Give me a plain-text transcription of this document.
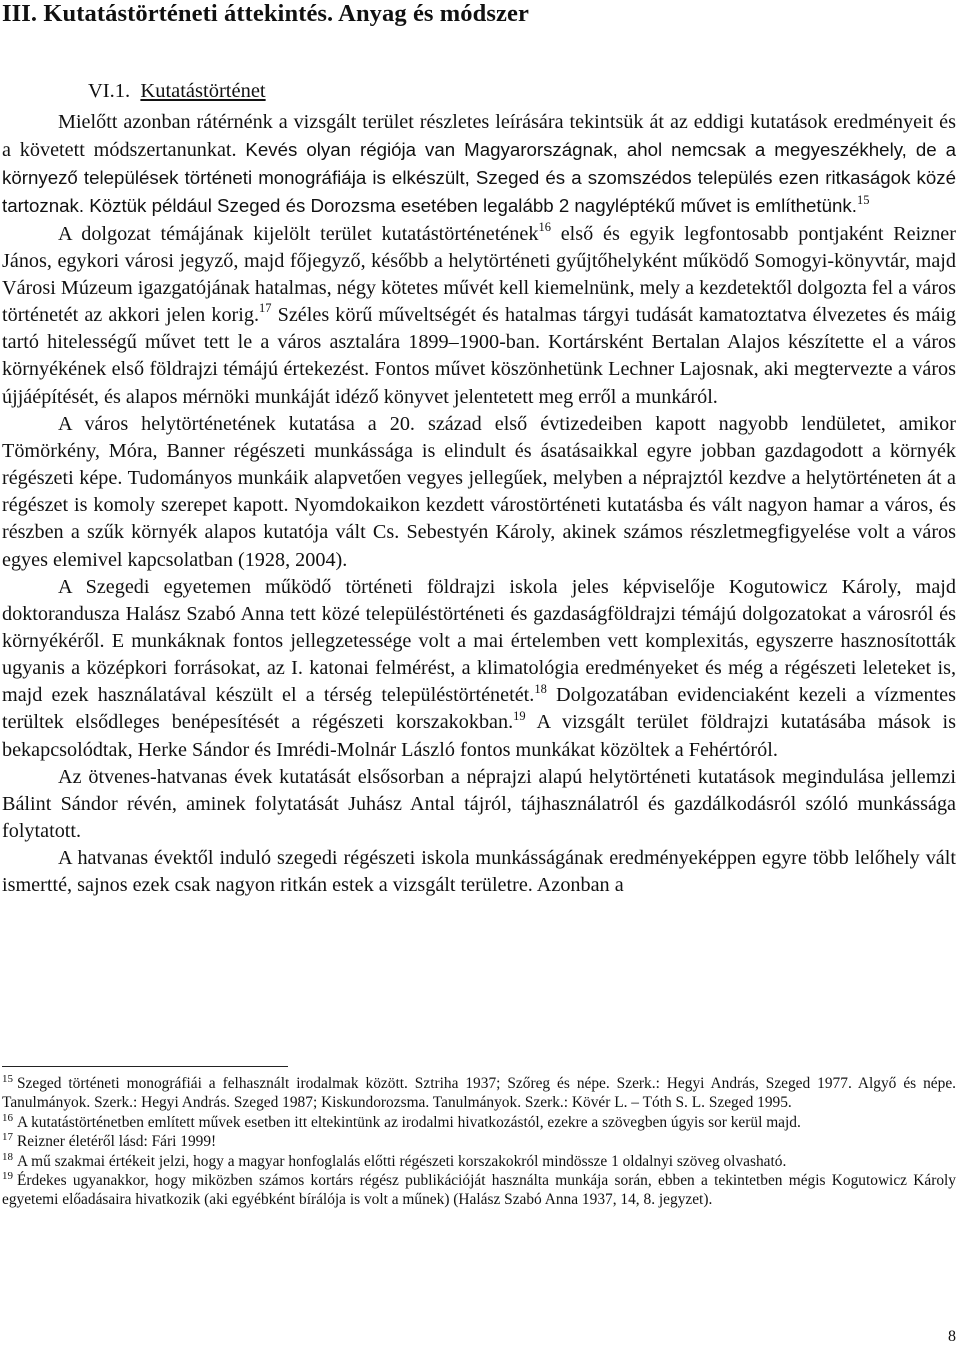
III. Kutatástörténeti áttekintés. Anyag és módszer
VI.1. Kutatástörténet

Mielőtt azonban rátérnénk a vizsgált terület részletes leírására tekintsük át az eddigi kutatások eredményeit és a követett módszertanunkat. Kevés olyan régiója van Magyarországnak, ahol nemcsak a megyeszékhely, de a környező települések történeti monográfiája is elkészült, Szeged és a szomszédos település ezen ritkaságok közé tartoznak. Köztük például Szeged és Dorozsma esetében legalább 2 nagyléptékű művet is említhetünk.$^{15}$

A dolgozat témájának kijelölt terület kutatástörténetének$^{16}$ első és egyik legfontosabb pontjaként Reizner János, egykori városi jegyző, majd főjegyző, később a helytörténeti gyűjtőhelyként működő Somogyi-könyvtár, majd Városi Múzeum igazgatójának hatalmas, négy kötetes művét kell kiemelnünk, mely a kezdetektől dolgozta fel a város történetét az akkori jelen korig.$^{17}$ Széles körű műveltségét és hatalmas tárgyi tudását kamatoztatva élvezetes és máig tartó hitelességű művet tett le a város asztalára 1899–1900-ban. Kortársként Bertalan Alajos készítette el a város környékének első földrajzi témájú értekezést. Fontos művet köszönhetünk Lechner Lajosnak, aki megtervezte a város újjáépítését, és alapos mérnöki munkáját idéző könyvet jelentetett meg erről a munkáról.

A város helytörténetének kutatása a 20. század első évtizedeiben kapott nagyobb lendületet, amikor Tömörkény, Móra, Banner régészeti munkássága is elindult és ásatásaikkal egyre jobban gazdagodott a környék régészeti képe. Tudományos munkáik alapvetően vegyes jellegűek, melyben a néprajztól kezdve a helytörténeten át a régészet is komoly szerepet kapott. Nyomdokaikon kezdett várostörténeti kutatásba és vált nagyon hamar a város, és részben a szűk környék alapos kutatója vált Cs. Sebestyén Károly, akinek számos részletmegfigyelése volt a város egyes elemivel kapcsolatban (1928, 2004).

A Szegedi egyetemen működő történeti földrajzi iskola jeles képviselője Kogutowicz Károly, majd doktorandusza Halász Szabó Anna tett közé településtörténeti és gazdaságföldrajzi témájú dolgozatokat a városról és környékéről. E munkáknak fontos jellegzetessége volt a mai értelemben vett komplexitás, egyszerre hasznosították ugyanis a középkori forrásokat, az I. katonai felmérést, a klimatológia eredményeket és még a régészeti leleteket is, majd ezek használatával készült el a térség településtörténetét.$^{18}$ Dolgozatában evidenciaként kezeli a vízmentes terültek elsődleges benépesítését a régészeti korszakokban.$^{19}$ A vizsgált terület földrajzi kutatásába mások is bekapcsolódtak, Herke Sándor és Imrédi-Molnár László fontos munkákat közöltek a Fehértóról.

Az ötvenes-hatvanas évek kutatását elsősorban a néprajzi alapú helytörténeti kutatások megindulása jellemzi Bálint Sándor révén, aminek folytatását Juhász Antal tájról, tájhasználatról és gazdálkodásról szóló munkássága folytatott.

A hatvanas évektől induló szegedi régészeti iskola munkásságának eredményeképpen egyre több lelőhely vált ismertté, sajnos ezek csak nagyon ritkán estek a vizsgált területre. Azonban a

$^{15}$ Szeged történeti monográfiái a felhasznált irodalmak között. Sztriha 1937; Szőreg és népe. Szerk.: Hegyi András, Szeged 1977. Algyő és népe. Tanulmányok. Szerk.: Hegyi András. Szeged 1987; Kiskundorozsma. Tanulmányok. Szerk.: Kövér L. – Tóth S. L. Szeged 1995.

$^{16}$ A kutatástörténetben említett művek esetben itt eltekintünk az irodalmi hivatkozástól, ezekre a szövegben úgyis sor kerül majd.

$^{17}$ Reizner életéről lásd: Fári 1999!

$^{18}$ A mű szakmai értékeit jelzi, hogy a magyar honfoglalás előtti régészeti korszakokról mindössze 1 oldalnyi szöveg olvasható.

$^{19}$ Érdekes ugyanakkor, hogy miközben számos kortárs régész publikációját használta munkája során, ebben a tekintetben mégis Kogutowicz Károly egyetemi előadásaira hivatkozik (aki egyébként bírálója is volt a műnek) (Halász Szabó Anna 1937, 14, 8. jegyzet).

8
